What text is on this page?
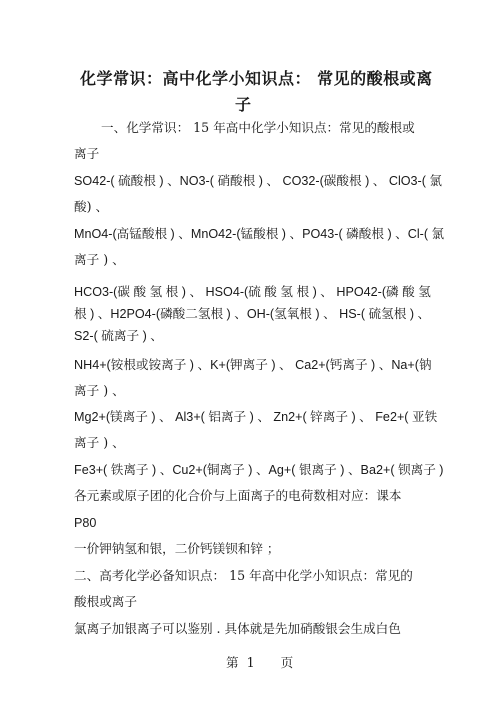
化学常识：高中化学小知识点： 常见的酸根或离
子

一、化学常识： 15 年高中化学小知识点：常见的酸根或

离子

SO42-( 硫酸根 ) 、NO3-( 硝酸根 ) 、 CO32-(碳酸根 ) 、 ClO3-( 氯

酸) 、

MnO4-(高锰酸根 ) 、MnO42-(锰酸根 ) 、PO43-( 磷酸根 ) 、Cl-( 氯

离子 ) 、

HCO3-(碳 酸 氢 根 ) 、 HSO4-(硫 酸 氢 根 ) 、 HPO42-(磷 酸 氢

根 ) 、H2PO4-(磷酸二氢根 ) 、OH-(氢氧根 ) 、 HS-( 硫氢根 ) 、

S2-( 硫离子 ) 、

NH4+(铵根或铵离子 ) 、K+(钾离子 ) 、 Ca2+(钙离子 ) 、Na+(钠

离子 ) 、

Mg2+(镁离子 ) 、 Al3+( 铝离子 ) 、 Zn2+( 锌离子 ) 、 Fe2+( 亚铁

离子 ) 、

Fe3+( 铁离子 ) 、Cu2+(铜离子 ) 、Ag+( 银离子 ) 、Ba2+( 钡离子 )

各元素或原子团的化合价与上面离子的电荷数相对应：课本

P80

一价钾钠氢和银，二价钙镁钡和锌 ；

二、高考化学必备知识点： 15 年高中化学小知识点：常见的

酸根或离子

氯离子加银离子可以鉴别 . 具体就是先加硝酸银会生成白色

第 1 页
